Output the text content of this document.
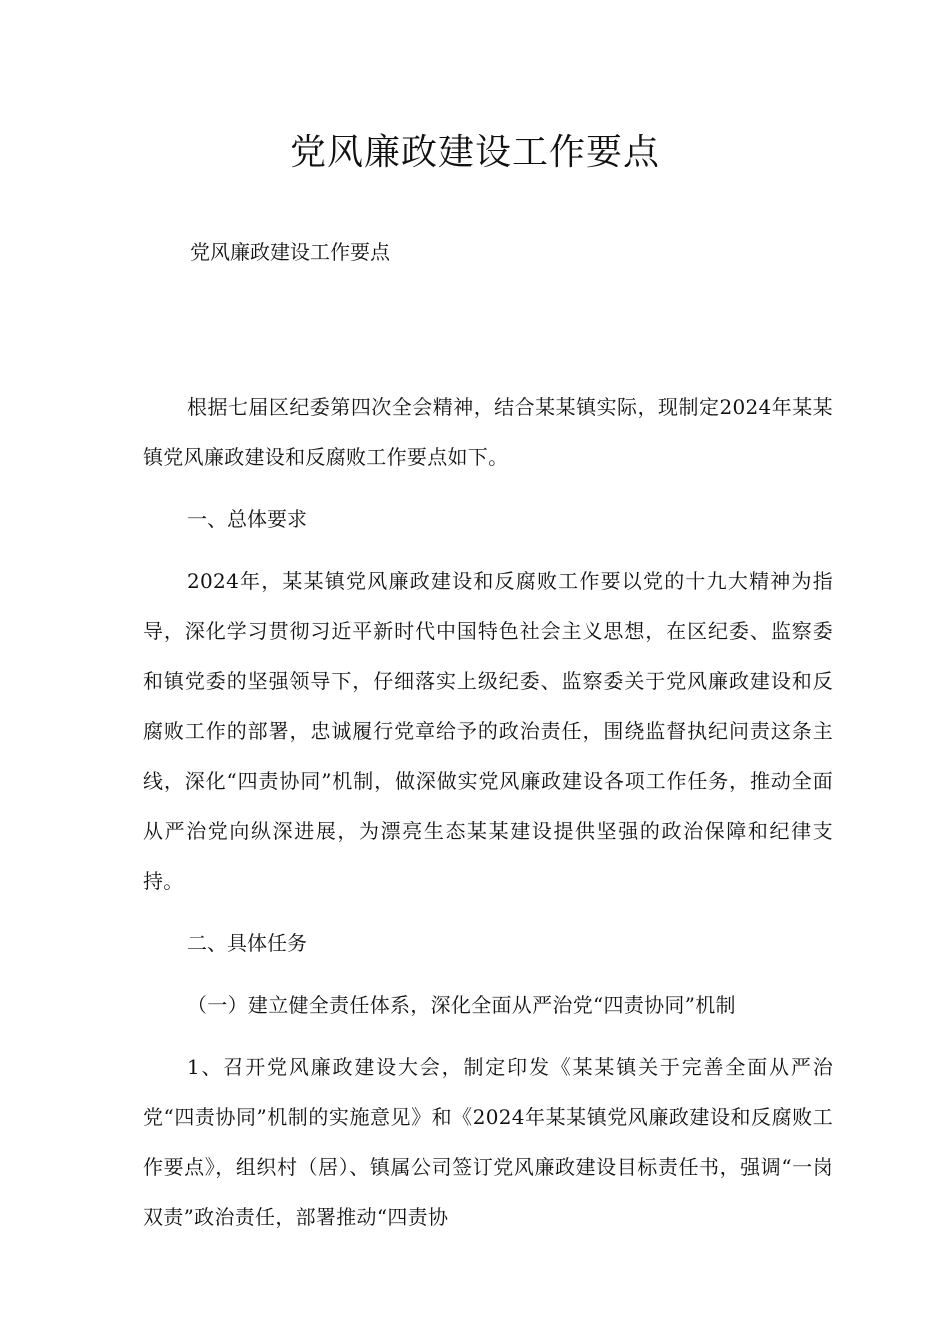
党风廉政建设工作要点

党风廉政建设工作要点

根据七届区纪委第四次全会精神，结合某某镇实际，现制定2024年某某镇党风廉政建设和反腐败工作要点如下。

一、总体要求

2024年，某某镇党风廉政建设和反腐败工作要以党的十九大精神为指导，深化学习贯彻习近平新时代中国特色社会主义思想，在区纪委、监察委和镇党委的坚强领导下，仔细落实上级纪委、监察委关于党风廉政建设和反腐败工作的部署，忠诚履行党章给予的政治责任，围绕监督执纪问责这条主线，深化“四责协同”机制，做深做实党风廉政建设各项工作任务，推动全面从严治党向纵深进展，为漂亮生态某某建设提供坚强的政治保障和纪律支持。

二、具体任务

（一）建立健全责任体系，深化全面从严治党“四责协同”机制

1、召开党风廉政建设大会，制定印发《某某镇关于完善全面从严治党“四责协同”机制的实施意见》和《2024年某某镇党风廉政建设和反腐败工作要点》，组织村（居）、镇属公司签订党风廉政建设目标责任书，强调“一岗双责”政治责任，部署推动“四责协
